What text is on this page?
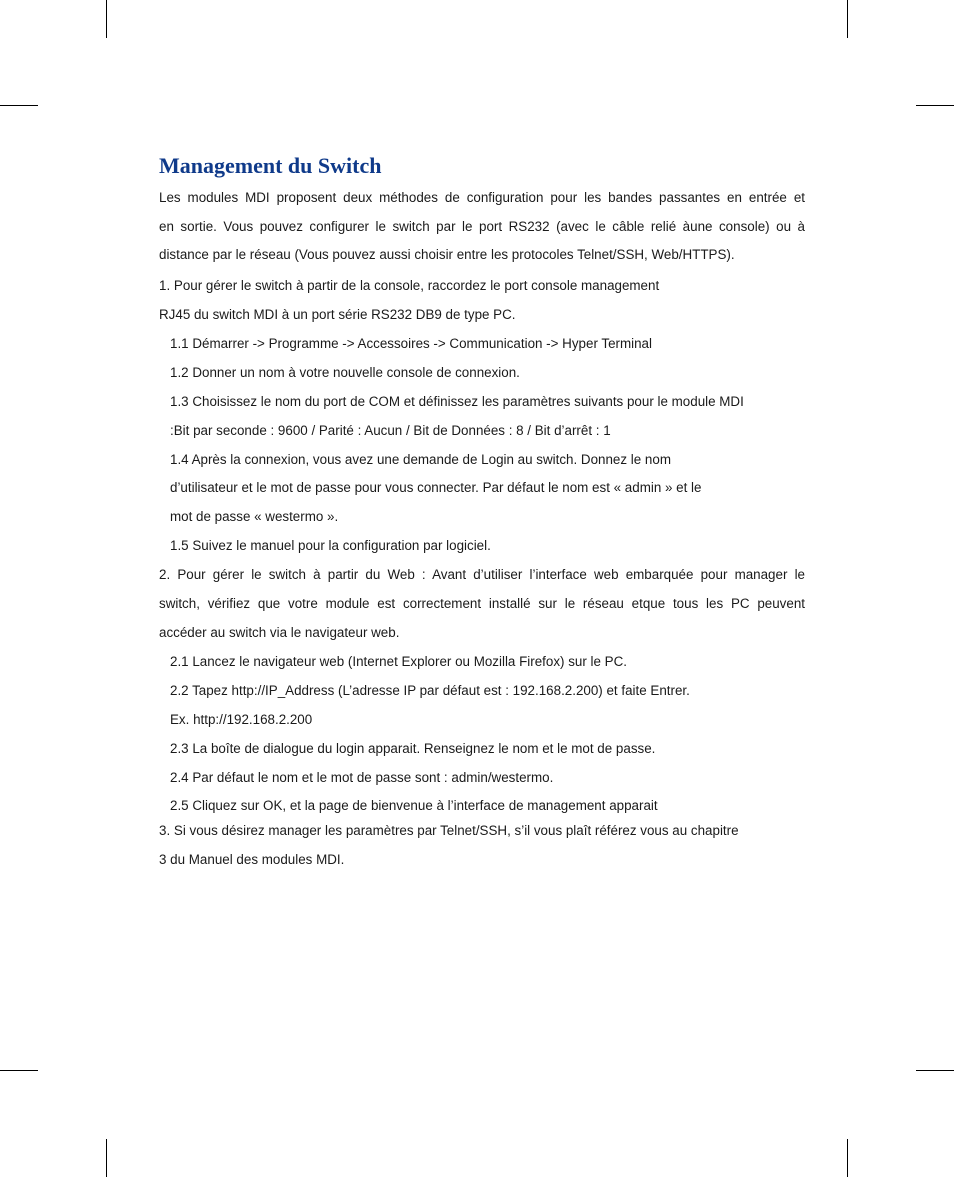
Management du Switch
Les modules MDI proposent deux méthodes de configuration pour les bandes passantes en entrée et
en sortie. Vous pouvez configurer le switch par le port RS232 (avec le câble relié àune console) ou à
distance par le réseau (Vous pouvez aussi choisir entre les protocoles Telnet/SSH, Web/HTTPS).
1. Pour gérer le switch à partir de la console, raccordez le port console management
RJ45 du switch MDI à un port série RS232 DB9 de type PC.
1.1 Démarrer -> Programme -> Accessoires -> Communication -> Hyper Terminal
1.2 Donner un nom à votre nouvelle console de connexion.
1.3 Choisissez le nom du port de COM et définissez les paramètres suivants pour le module MDI
:Bit par seconde : 9600 / Parité : Aucun / Bit de Données : 8 / Bit d’arrêt : 1
1.4 Après la connexion, vous avez une demande de Login au switch. Donnez le nom
d’utilisateur et le mot de passe pour vous connecter. Par défaut le nom est « admin » et le
mot de passe « westermo ».
1.5 Suivez le manuel pour la configuration par logiciel.
2. Pour gérer le switch à partir du Web : Avant d’utiliser l’interface web embarquée pour manager le
switch, vérifiez que votre module est correctement installé sur le réseau etque tous les PC peuvent
accéder au switch via le navigateur web.
2.1 Lancez le navigateur web (Internet Explorer ou Mozilla Firefox) sur le PC.
2.2 Tapez http://IP_Address (L’adresse IP par défaut est : 192.168.2.200) et faite Entrer.
Ex. http://192.168.2.200
2.3 La boîte de dialogue du login apparait. Renseignez le nom et le mot de passe.
2.4 Par défaut le nom et le mot de passe sont : admin/westermo.
2.5 Cliquez sur OK, et la page de bienvenue à l’interface de management apparait
3. Si vous désirez manager les paramètres par Telnet/SSH, s’il vous plaît référez vous au chapitre
3 du Manuel des modules MDI.
